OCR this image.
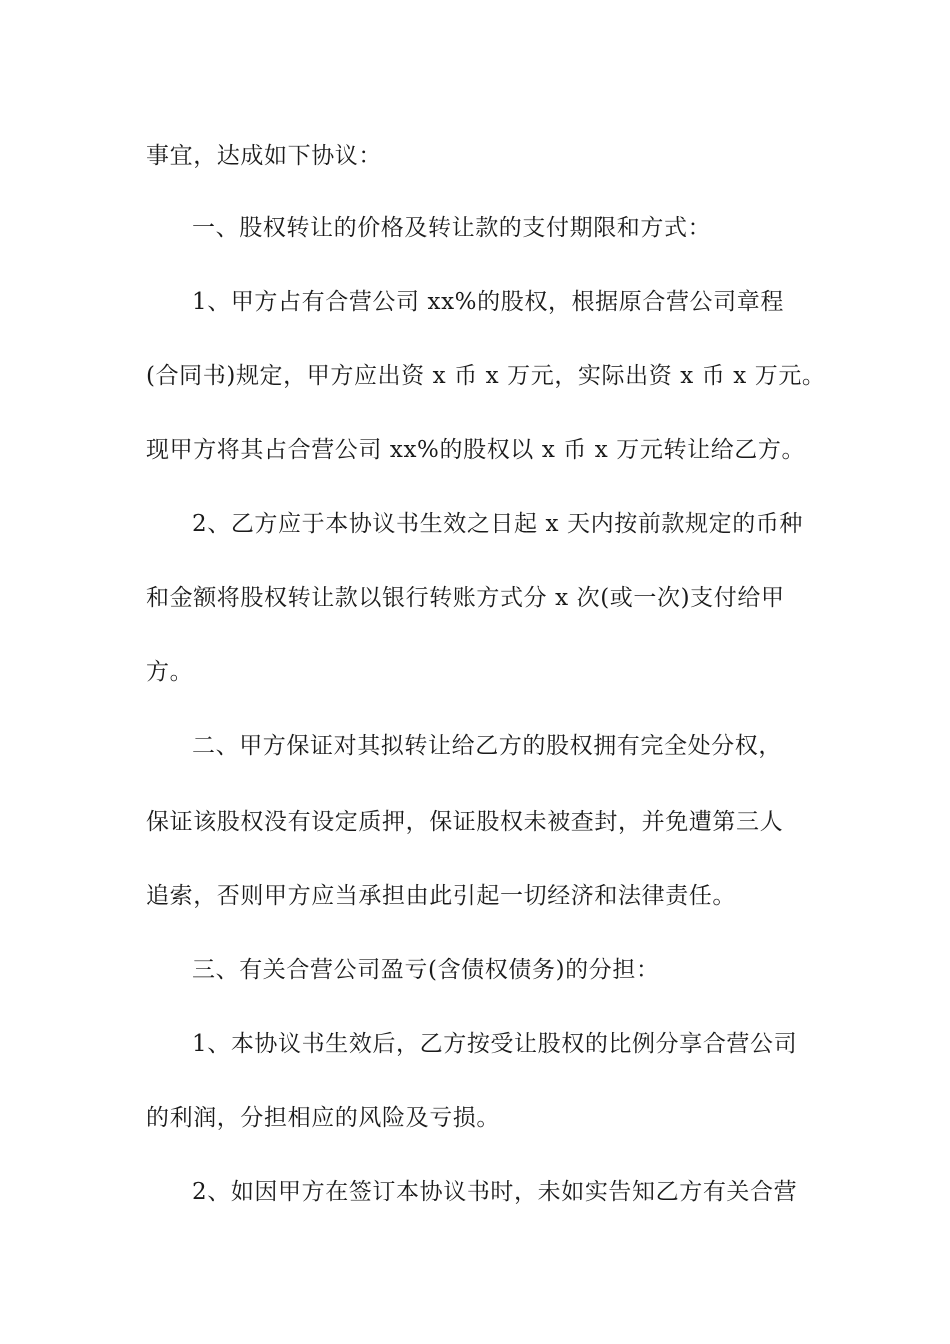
事宜，达成如下协议：
一、股权转让的价格及转让款的支付期限和方式：
1、甲方占有合营公司 xx%的股权，根据原合营公司章程
(合同书)规定，甲方应出资 x 币 x 万元，实际出资 x 币 x 万元。
现甲方将其占合营公司 xx%的股权以 x 币 x 万元转让给乙方。
2、乙方应于本协议书生效之日起 x 天内按前款规定的币种
和金额将股权转让款以银行转账方式分 x 次(或一次)支付给甲
方。
二、甲方保证对其拟转让给乙方的股权拥有完全处分权，
保证该股权没有设定质押，保证股权未被查封，并免遭第三人
追索，否则甲方应当承担由此引起一切经济和法律责任。
三、有关合营公司盈亏(含债权债务)的分担：
1、本协议书生效后，乙方按受让股权的比例分享合营公司
的利润，分担相应的风险及亏损。
2、如因甲方在签订本协议书时，未如实告知乙方有关合营
